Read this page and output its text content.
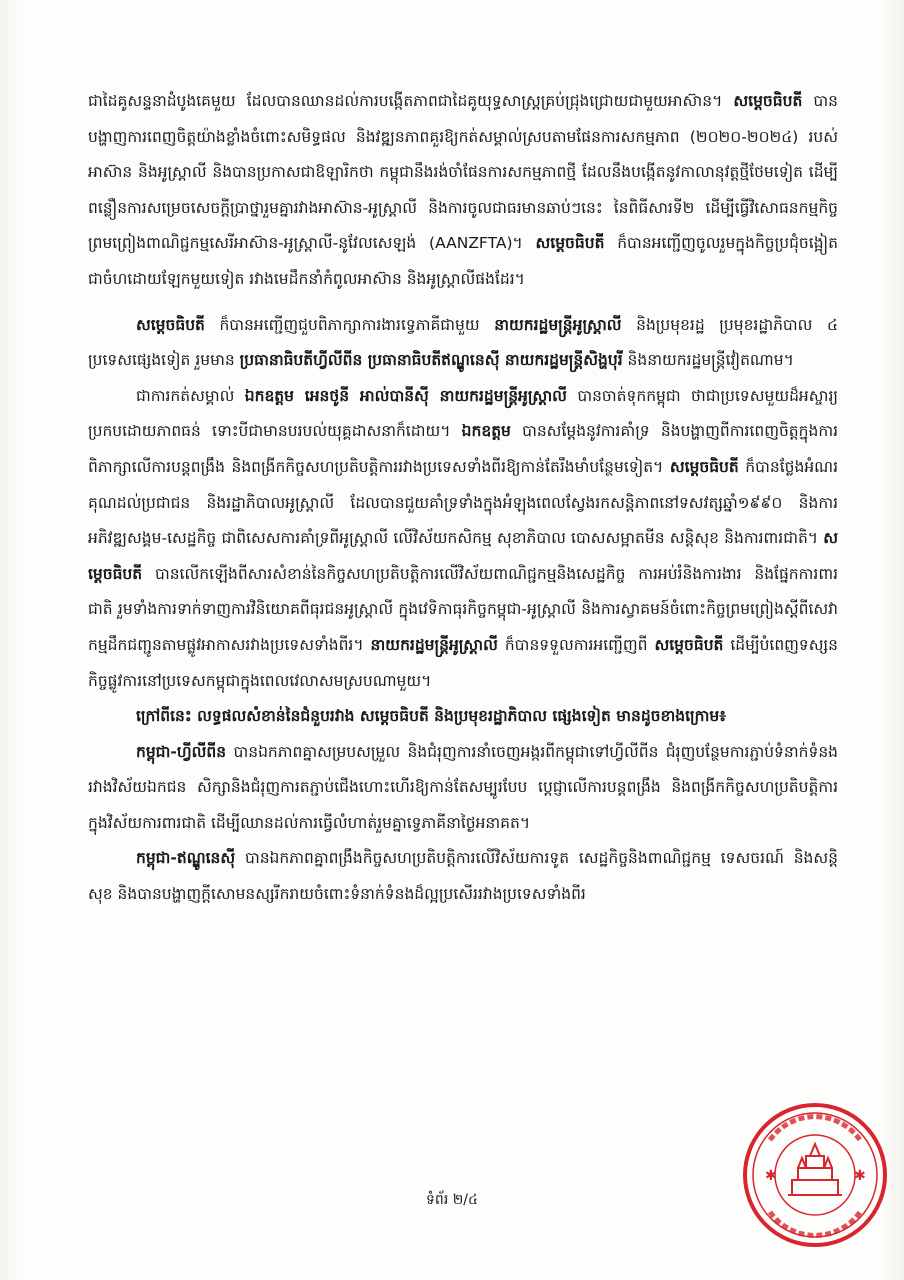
ជាដៃគូសន្ទនាដំបូងគេមួយ ដែលបានឈានដល់ការបង្កើតភាពជាដៃគូយុទ្ធសាស្ត្រគ្រប់ជ្រុងជ្រោយជាមួយអាស៊ាន។ សម្តេចធិបតី បានបង្ហាញការពេញចិត្តយ៉ាងខ្លាំងចំពោះសមិទ្ធផល និងវឌ្ឍនភាពគួរឱ្យកត់សម្គាល់ស្របតាមផែនការសកម្មភាព (២០២០-២០២៤) របស់អាស៊ាន និងអូស្ត្រាលី និងបានប្រកាសជាឱឡារិកថា កម្ពុជានឹងរង់ចាំផែនការសកម្មភាពថ្មី ដែលនឹងបង្កើតនូវកាលានុវត្តថ្មីថែមទៀត ដើម្បីពន្លឿនការសម្រេចសេចក្តីប្រាថ្នារួមគ្នារវាងអាស៊ាន-អូស្ត្រាលី និងការចូលជាធរមានឆាប់ៗនេះ នៃពិធីសារទី២ ដើម្បីធ្វើវិសោធនកម្មកិច្ចព្រមព្រៀងពាណិជ្ជកម្មសេរីអាស៊ាន-អូស្ត្រាលី-នូវែលសេឡង់ (AANZFTA)។ សម្តេចធិបតី ក៏បានអញ្ជើញចូលរួមក្នុងកិច្ចប្រជុំចង្អៀតជាចំហដោយឡែកមួយទៀត រវាងមេដឹកនាំកំពូលអាស៊ាន និងអូស្ត្រាលីផងដែរ។

សម្តេចធិបតី ក៏បានអញ្ជើញជួបពិភាក្សាការងារទ្វេភាគីជាមួយ នាយករដ្ឋមន្ត្រីអូស្ត្រាលី និងប្រមុខរដ្ឋ ប្រមុខរដ្ឋាភិបាល ៤ ប្រទេសផ្សេងទៀត រួមមាន ប្រធានាធិបតីហ្វីលីពីន ប្រធានាធិបតីឥណ្ឌូនេស៊ី នាយករដ្ឋមន្ត្រីសិង្ហបុរី និងនាយករដ្ឋមន្ត្រីវៀតណាម។

ជាការកត់សម្គាល់ ឯកឧត្តម អេនថូនី អាល់បានីស៊ី នាយករដ្ឋមន្ត្រីអូស្ត្រាលី បានចាត់ទុកកម្ពុជា ថាជាប្រទេសមួយដ៏អស្ចារ្យ ប្រកបដោយភាពធន់ ទោះបីជាមានបរបល់យុគ្គដាសនាក៏ដោយ។ ឯកឧត្តម បានសម្តែងនូវការគាំទ្រ និងបង្ហាញពីការពេញចិត្តក្នុងការពិភាក្សាលើការបន្តពង្រឹង និងពង្រីកកិច្ចសហប្រតិបត្តិការរវាងប្រទេសទាំងពីរឱ្យកាន់តែរឹងមាំបន្ថែមទៀត។ សម្តេចធិបតី ក៏បានថ្លែងអំណរគុណដល់ប្រជាជន និងរដ្ឋាភិបាលអូស្ត្រាលី ដែលបានជួយគាំទ្រទាំងក្នុងអំឡុងពេលស្វែងរកសន្តិភាពនៅទសវត្សឆ្នាំ១៩៩០ និងការអភិវឌ្ឍសង្គម-សេដ្ឋកិច្ច ជាពិសេសការគាំទ្រពីអូស្ត្រាលី លើវិស័យកសិកម្ម សុខាភិបាល បោសសម្អាតមីន សន្តិសុខ និងការពារជាតិ។ សម្តេចធិបតី បានលើកឡើងពីសារសំខាន់នៃកិច្ចសហប្រតិបត្តិការលើវិស័យពាណិជ្ជកម្មនិងសេដ្ឋកិច្ច ការអប់រំនិងការងារ និងផ្នែកការពារជាតិ រួមទាំងការទាក់ទាញការវិនិយោគពីធុរជនអូស្ត្រាលី ក្នុងវេទិកាធុរកិច្ចកម្ពុជា-អូស្ត្រាលី និងការស្វាគមន៍ចំពោះកិច្ចព្រមព្រៀងស្តីពីសេវាកម្មដឹកជញ្ជូនតាមផ្លូវអាកាសរវាងប្រទេសទាំងពីរ។ នាយករដ្ឋមន្ត្រីអូស្ត្រាលី ក៏បានទទួលការអញ្ជើញពី សម្តេចធិបតី ដើម្បីបំពេញទស្សនកិច្ចផ្លូវការនៅប្រទេសកម្ពុជាក្នុងពេលវេលាសមស្របណាមួយ។

ក្រៅពីនេះ លទ្ធផលសំខាន់នៃជំនួបរវាង សម្តេចធិបតី និងប្រមុខរដ្ឋាភិបាល ផ្សេងទៀត មានដូចខាងក្រោម៖

កម្ពុជា-ហ្វីលីពីន បានឯកភាពគ្នាសម្របសម្រួល និងជំរុញការនាំចេញអង្ករពីកម្ពុជាទៅហ្វីលីពីន ជំរុញបន្ថែមការភ្ជាប់ទំនាក់ទំនងរវាងវិស័យឯកជន សិក្សានិងជំរុញការតភ្ជាប់ជើងហោះហើរឱ្យកាន់តែសម្បូរបែប ប្តេជ្ញាលើការបន្តពង្រឹង និងពង្រីកកិច្ចសហប្រតិបត្តិការក្នុងវិស័យការពារជាតិ ដើម្បីឈានដល់ការធ្វើលំហាត់រួមគ្នាទ្វេភាគីនាថ្ងៃអនាគត។

កម្ពុជា-ឥណ្ឌូនេស៊ី បានឯកភាពគ្នាពង្រឹងកិច្ចសហប្រតិបត្តិការលើវិស័យការទូត សេដ្ឋកិច្ចនិងពាណិជ្ជកម្ម ទេសចរណ៍ និងសន្តិសុខ និងបានបង្ហាញក្តីសោមនស្សរីករាយចំពោះទំនាក់ទំនងដ៏ល្អប្រសើររវាងប្រទេសទាំងពីរ

ទំព័រ ២/៤
✱	✱
